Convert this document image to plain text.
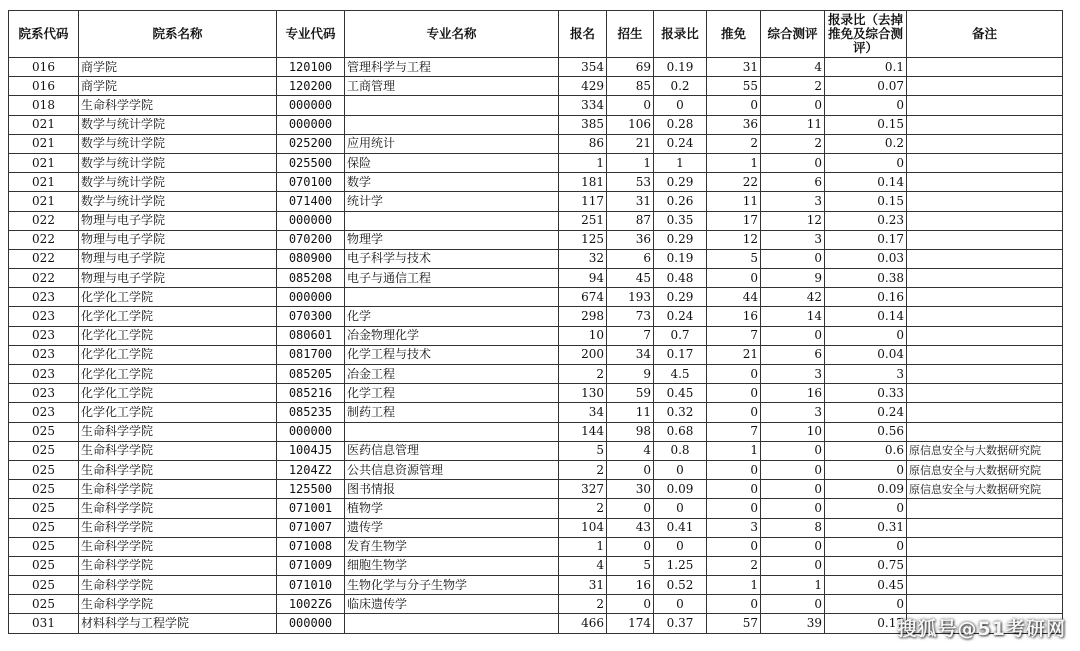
院系代码	院系名称	专业代码	专业名称	报名	招生	报录比	推免	综合测评	报录比（去掉推免及综合测评）	备注
016	商学院	120100	管理科学与工程	354	69	0.19	31	4	0.1	
016	商学院	120200	工商管理	429	85	0.2	55	2	0.07	
018	生命科学学院	000000		334	0	0	0	0	0	
021	数学与统计学院	000000		385	106	0.28	36	11	0.15	
021	数学与统计学院	025200	应用统计	86	21	0.24	2	2	0.2	
021	数学与统计学院	025500	保险	1	1	1	1	0	0	
021	数学与统计学院	070100	数学	181	53	0.29	22	6	0.14	
021	数学与统计学院	071400	统计学	117	31	0.26	11	3	0.15	
022	物理与电子学院	000000		251	87	0.35	17	12	0.23	
022	物理与电子学院	070200	物理学	125	36	0.29	12	3	0.17	
022	物理与电子学院	080900	电子科学与技术	32	6	0.19	5	0	0.03	
022	物理与电子学院	085208	电子与通信工程	94	45	0.48	0	9	0.38	
023	化学化工学院	000000		674	193	0.29	44	42	0.16	
023	化学化工学院	070300	化学	298	73	0.24	16	14	0.14	
023	化学化工学院	080601	冶金物理化学	10	7	0.7	7	0	0	
023	化学化工学院	081700	化学工程与技术	200	34	0.17	21	6	0.04	
023	化学化工学院	085205	冶金工程	2	9	4.5	0	3	3	
023	化学化工学院	085216	化学工程	130	59	0.45	0	16	0.33	
023	化学化工学院	085235	制药工程	34	11	0.32	0	3	0.24	
025	生命科学学院	000000		144	98	0.68	7	10	0.56	
025	生命科学学院	1004J5	医药信息管理	5	4	0.8	1	0	0.6	原信息安全与大数据研究院
025	生命科学学院	1204Z2	公共信息资源管理	2	0	0	0	0	0	原信息安全与大数据研究院
025	生命科学学院	125500	图书情报	327	30	0.09	0	0	0.09	原信息安全与大数据研究院
025	生命科学学院	071001	植物学	2	0	0	0	0	0	
025	生命科学学院	071007	遗传学	104	43	0.41	3	8	0.31	
025	生命科学学院	071008	发育生物学	1	0	0	0	0	0	
025	生命科学学院	071009	细胞生物学	4	5	1.25	2	0	0.75	
025	生命科学学院	071010	生物化学与分子生物学	31	16	0.52	1	1	0.45	
025	生命科学学院	1002Z6	临床遗传学	2	0	0	0	0	0	
031	材料科学与工程学院	000000		466	174	0.37	57	39	0.17	
搜狐号@51考研网
